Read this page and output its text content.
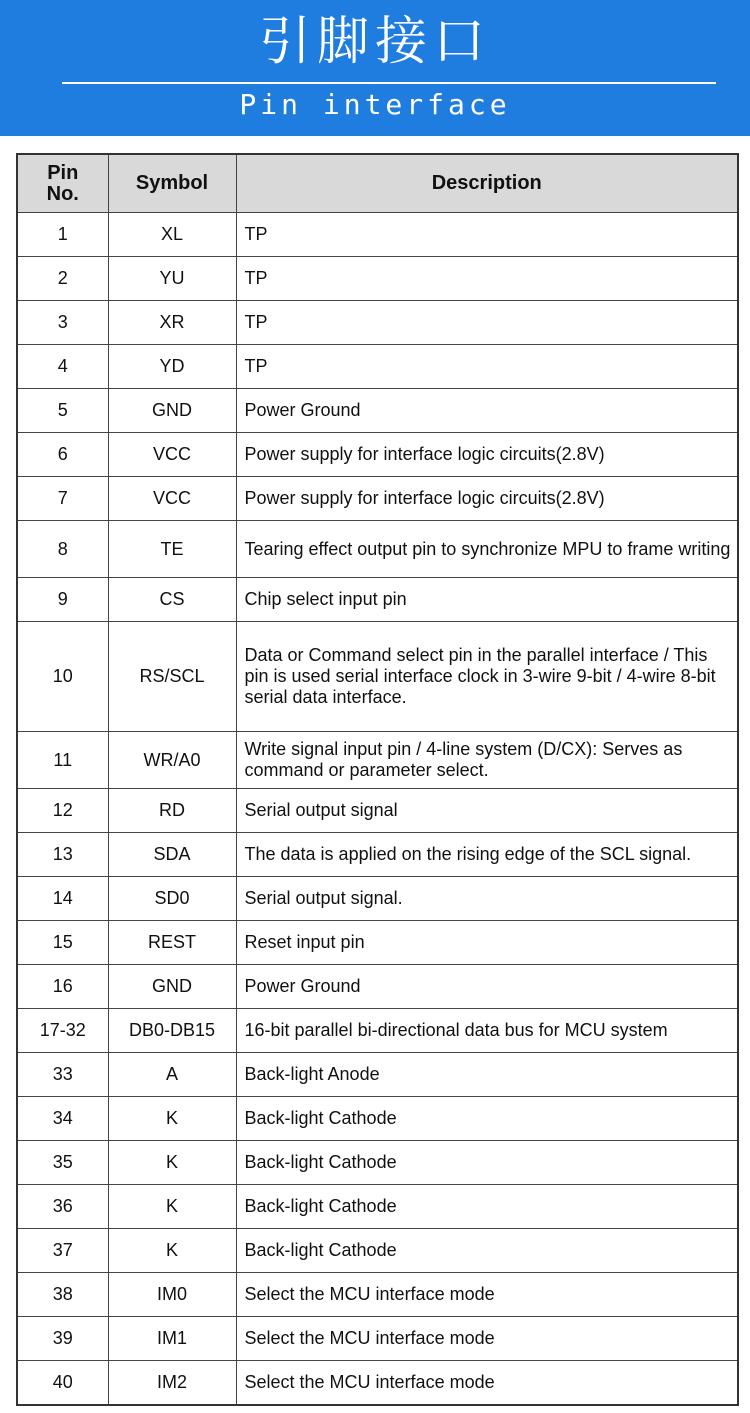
引脚接口
Pin interface
Pin No.	Symbol	Description
1	XL	TP
2	YU	TP
3	XR	TP
4	YD	TP
5	GND	Power Ground
6	VCC	Power supply for interface logic circuits(2.8V)
7	VCC	Power supply for interface logic circuits(2.8V)
8	TE	Tearing effect output pin to synchronize MPU to frame writing
9	CS	Chip select input pin
10	RS/SCL	Data or Command select pin in the parallel interface / This pin is used serial interface clock in 3-wire 9-bit / 4-wire 8-bit serial data interface.
11	WR/A0	Write signal input pin / 4-line system (D/CX): Serves as command or parameter select.
12	RD	Serial output signal
13	SDA	The data is applied on the rising edge of the SCL signal.
14	SD0	Serial output signal.
15	REST	Reset input pin
16	GND	Power Ground
17-32	DB0-DB15	16-bit parallel bi-directional data bus for MCU system
33	A	Back-light Anode
34	K	Back-light Cathode
35	K	Back-light Cathode
36	K	Back-light Cathode
37	K	Back-light Cathode
38	IM0	Select the MCU interface mode
39	IM1	Select the MCU interface mode
40	IM2	Select the MCU interface mode
